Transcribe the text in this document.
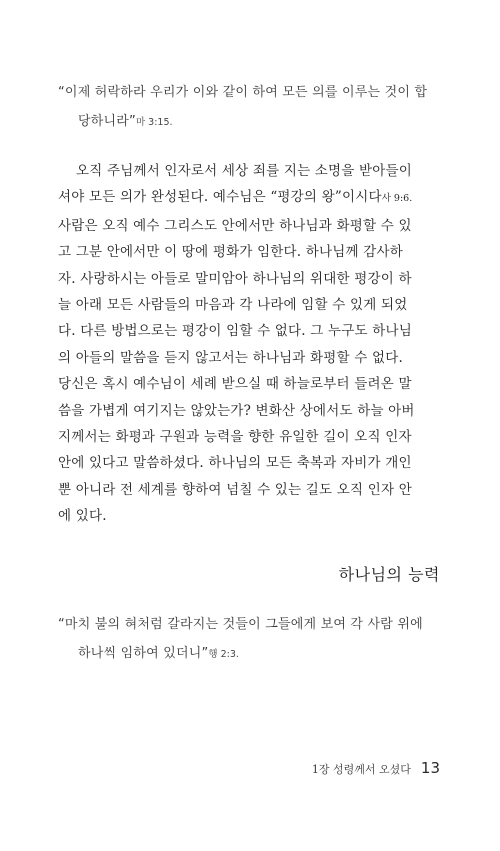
“이제 허락하라 우리가 이와 같이 하여 모든 의를 이루는 것이 합
당하니라”마 3:15.
오직 주님께서 인자로서 세상 죄를 지는 소명을 받아들이
셔야 모든 의가 완성된다. 예수님은 “평강의 왕”이시다사 9:6.
사람은 오직 예수 그리스도 안에서만 하나님과 화평할 수 있
고 그분 안에서만 이 땅에 평화가 임한다. 하나님께 감사하
자. 사랑하시는 아들로 말미암아 하나님의 위대한 평강이 하
늘 아래 모든 사람들의 마음과 각 나라에 임할 수 있게 되었
다. 다른 방법으로는 평강이 임할 수 없다. 그 누구도 하나님
의 아들의 말씀을 듣지 않고서는 하나님과 화평할 수 없다.
당신은 혹시 예수님이 세례 받으실 때 하늘로부터 들려온 말
씀을 가볍게 여기지는 않았는가? 변화산 상에서도 하늘 아버
지께서는 화평과 구원과 능력을 향한 유일한 길이 오직 인자
안에 있다고 말씀하셨다. 하나님의 모든 축복과 자비가 개인
뿐 아니라 전 세계를 향하여 넘칠 수 있는 길도 오직 인자 안
에 있다.
하나님의 능력
“마치 불의 혀처럼 갈라지는 것들이 그들에게 보여 각 사람 위에
하나씩 임하여 있더니”행 2:3.
1장 성령께서 오셨다 13
